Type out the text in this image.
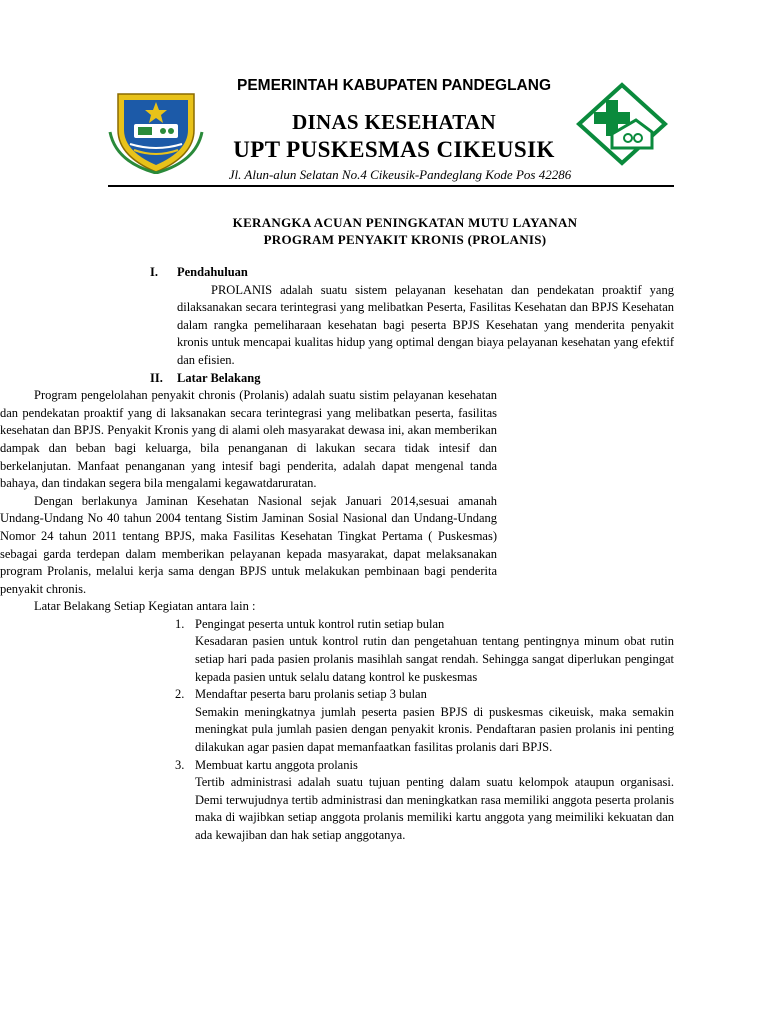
PEMERINTAH KABUPATEN PANDEGLANG
DINAS KESEHATAN
UPT PUSKESMAS CIKEUSIK
Jl. Alun-alun Selatan No.4 Cikeusik-Pandeglang Kode Pos 42286
KERANGKA ACUAN PENINGKATAN MUTU LAYANAN
PROGRAM PENYAKIT KRONIS (PROLANIS)
I. Pendahuluan

PROLANIS adalah suatu sistem pelayanan kesehatan dan pendekatan proaktif yang dilaksanakan secara terintegrasi yang melibatkan Peserta, Fasilitas Kesehatan dan BPJS Kesehatan dalam rangka pemeliharaan kesehatan bagi peserta BPJS Kesehatan yang menderita penyakit kronis untuk mencapai kualitas hidup yang optimal dengan biaya pelayanan kesehatan yang efektif dan efisien.

II. Latar Belakang

Program pengelolahan penyakit chronis (Prolanis) adalah suatu sistim pelayanan kesehatan dan pendekatan proaktif yang di laksanakan secara terintegrasi yang melibatkan peserta, fasilitas kesehatan dan BPJS. Penyakit Kronis yang di alami oleh masyarakat dewasa ini, akan memberikan dampak dan beban bagi keluarga, bila penanganan di lakukan secara tidak intesif dan berkelanjutan. Manfaat penanganan yang intesif bagi penderita, adalah dapat mengenal tanda bahaya, dan tindakan segera bila mengalami kegawatdaruratan.

Dengan berlakunya Jaminan Kesehatan Nasional sejak Januari 2014,sesuai amanah Undang-Undang No 40 tahun 2004 tentang Sistim Jaminan Sosial Nasional dan Undang-Undang Nomor 24 tahun 2011 tentang BPJS, maka Fasilitas Kesehatan Tingkat Pertama ( Puskesmas) sebagai garda terdepan dalam memberikan pelayanan kepada masyarakat, dapat melaksanakan program Prolanis, melalui kerja sama dengan BPJS untuk melakukan pembinaan bagi penderita penyakit chronis.

Latar Belakang Setiap Kegiatan antara lain :

1. Pengingat peserta untuk kontrol rutin setiap bulan
Kesadaran pasien untuk kontrol rutin dan pengetahuan tentang pentingnya minum obat rutin setiap hari pada pasien prolanis masihlah sangat rendah. Sehingga sangat diperlukan pengingat kepada pasien untuk selalu datang kontrol ke puskesmas
2. Mendaftar peserta baru prolanis setiap 3 bulan
Semakin meningkatnya jumlah peserta pasien BPJS di puskesmas cikeuisk, maka semakin meningkat pula jumlah pasien dengan penyakit kronis. Pendaftaran pasien prolanis ini penting dilakukan agar pasien dapat memanfaatkan fasilitas prolanis dari BPJS.
3. Membuat kartu anggota prolanis
Tertib administrasi adalah suatu tujuan penting dalam suatu kelompok ataupun organisasi. Demi terwujudnya tertib administrasi dan meningkatkan rasa memiliki anggota peserta prolanis maka di wajibkan setiap anggota prolanis memiliki kartu anggota yang meimiliki kekuatan dan ada kewajiban dan hak setiap anggotanya.
